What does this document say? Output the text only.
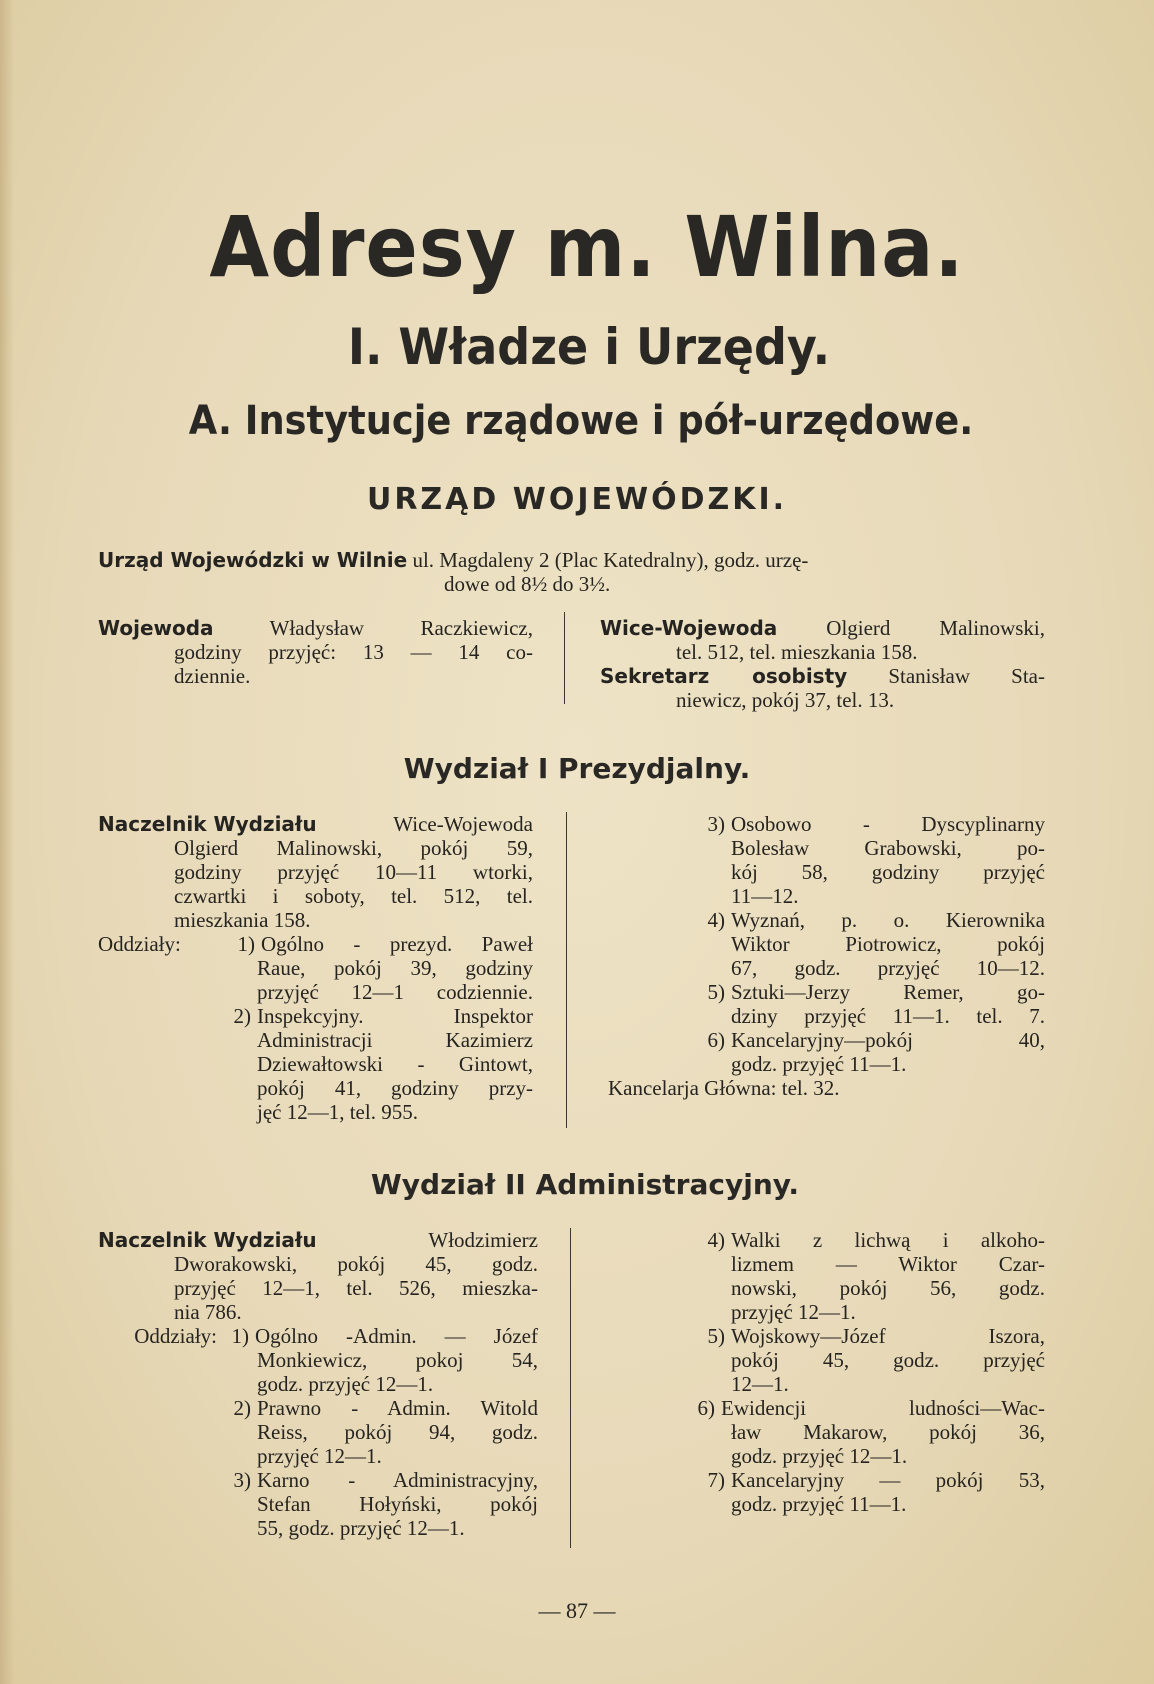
Adresy m. Wilna.
I. Władze i Urzędy.
A. Instytucje rządowe i pół-urzędowe.
URZĄD WOJEWÓDZKI.
Urząd Wojewódzki w Wilnie ul. Magdaleny 2 (Plac Katedralny), godz. urzę-
dowe od 8½ do 3½.
Wojewoda	Władysław Raczkiewicz,
godziny przyjęć: 13 — 14 co-
dziennie.
Wice-Wojewoda Olgierd Malinowski,
tel. 512, tel. mieszkania 158.
Sekretarz osobisty Stanisław Sta-
niewicz, pokój 37, tel. 13.
Wydział I Prezydjalny.
Naczelnik Wydziału	Wice-Wojewoda
Olgierd Malinowski, pokój 59,
godziny przyjęć 10—11 wtorki,
czwartki i soboty, tel. 512, tel.
mieszkania 158.
Oddziały:	1) Ogólno - prezyd. Paweł
Raue, pokój 39, godziny
przyjęć 12—1 codziennie.
2) Inspekcyjny. Inspektor
Administracji Kazimierz
Dziewałtowski - Gintowt,
pokój 41, godziny przy-
jęć 12—1, tel. 955.
3) Osobowo - Dyscyplinarny
Bolesław Grabowski, po-
kój 58, godziny przyjęć
11—12.
4) Wyznań, p. o. Kierownika
Wiktor Piotrowicz, pokój
67, godz. przyjęć 10—12.
5) Sztuki—Jerzy Remer, go-
dziny przyjęć 11—1. tel. 7.
6) Kancelaryjny—pokój 40,
godz. przyjęć 11—1.
Kancelarja Główna: tel. 32.
Wydział II Administracyjny.
Naczelnik Wydziału	Włodzimierz
Dworakowski, pokój 45, godz.
przyjęć 12—1, tel. 526, mieszka-
nia 786.
Oddziały: 1) Ogólno -Admin. — Józef
Monkiewicz, pokoj 54,
godz. przyjęć 12—1.
2) Prawno - Admin. Witold
Reiss, pokój 94, godz.
przyjęć 12—1.
3) Karno - Administracyjny,
Stefan Hołyński, pokój
55, godz. przyjęć 12—1.
4) Walki z lichwą i alkoho-
lizmem — Wiktor Czar-
nowski, pokój 56, godz.
przyjęć 12—1.
5) Wojskowy—Józef Iszora,
pokój 45, godz. przyjęć
12—1.
6) Ewidencji ludności—Wac-
ław Makarow, pokój 36,
godz. przyjęć 12—1.
7) Kancelaryjny — pokój 53,
godz. przyjęć 11—1.
— 87 —
